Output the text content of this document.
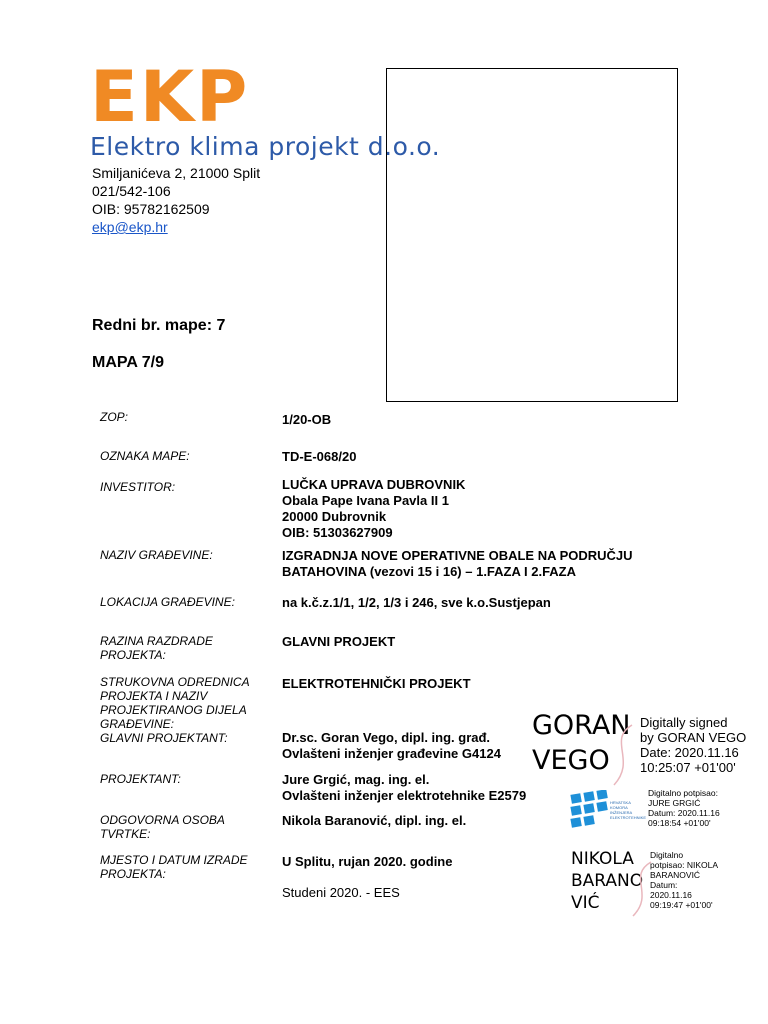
EKP
Elektro klima projekt d.o.o.
Smiljanićeva 2, 21000 Split
021/542-106
OIB: 95782162509
ekp@ekp.hr
Redni br. mape: 7
MAPA 7/9
ZOP:	1/20-OB
OZNAKA MAPE:	TD-E-068/20
INVESTITOR:	LUČKA UPRAVA DUBROVNIK
Obala Pape Ivana Pavla II 1
20000 Dubrovnik
OIB: 51303627909
NAZIV GRAĐEVINE:	IZGRADNJA NOVE OPERATIVNE OBALE NA PODRUČJU
BATAHOVINA (vezovi 15 i 16) – 1.FAZA I 2.FAZA
LOKACIJA GRAĐEVINE:	na k.č.z.1/1, 1/2, 1/3 i 246, sve k.o.Sustjepan
RAZINA RAZDRADE
PROJEKTA:
GLAVNI PROJEKT
STRUKOVNA ODREDNICA
PROJEKTA I NAZIV
PROJEKTIRANOG DIJELA
GRAĐEVINE:
ELEKTROTEHNIČKI PROJEKT
GLAVNI PROJEKTANT:	Dr.sc. Goran Vego, dipl. ing. građ.
Ovlašteni inženjer građevine G4124
PROJEKTANT:	Jure Grgić, mag. ing. el.
Ovlašteni inženjer elektrotehnike E2579
ODGOVORNA OSOBA
TVRTKE:
Nikola Baranović, dipl. ing. el.
MJESTO I DATUM IZRADE
PROJEKTA:
U Splitu, rujan 2020. godine
Studeni 2020. - EES
GORAN
VEGO
Digitally signed
by GORAN VEGO
Date: 2020.11.16
10:25:07 +01'00'
HRVATSKA
KOMORA
INŽENJERA
ELEKTROTEHNIKE
Digitalno potpisao:
JURE GRGIĆ
Datum: 2020.11.16
09:18:54 +01'00'
NIKOLA
BARANO
VIĆ
Digitalno
potpisao: NIKOLA
BARANOVIĆ
Datum:
2020.11.16
09:19:47 +01'00'
